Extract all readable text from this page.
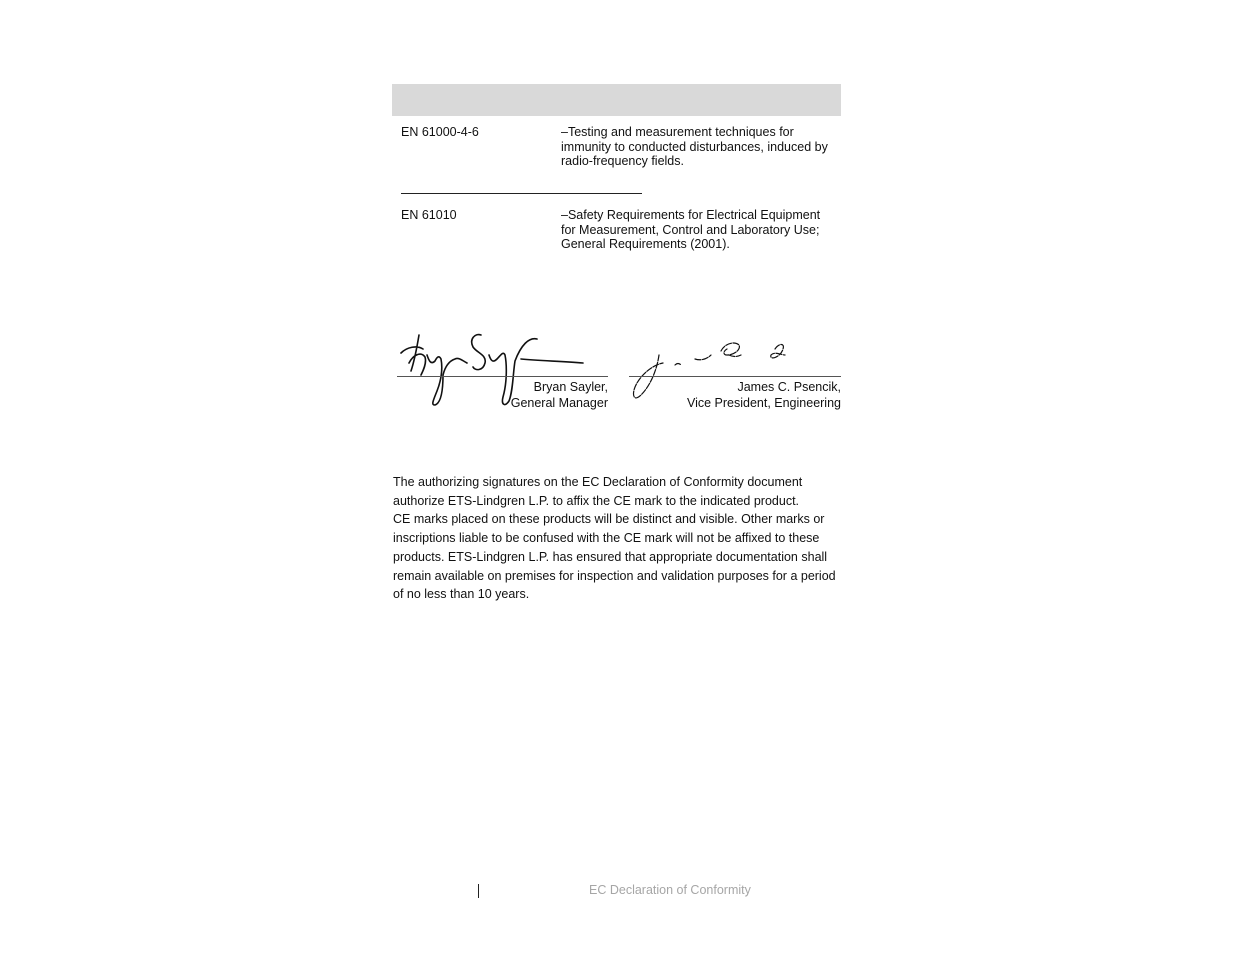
EN 61000-4-6	–Testing and measurement techniques for immunity to conducted disturbances, induced by radio-frequency fields.
EN 61010	–Safety Requirements for Electrical Equipment for Measurement, Control and Laboratory Use; General Requirements (2001).
Bryan Sayler,
General Manager
James C. Psencik,
Vice President, Engineering

The authorizing signatures on the EC Declaration of Conformity document authorize ETS-Lindgren L.P. to affix the CE mark to the indicated product.

CE marks placed on these products will be distinct and visible. Other marks or inscriptions liable to be confused with the CE mark will not be affixed to these products. ETS-Lindgren L.P. has ensured that appropriate documentation shall remain available on premises for inspection and validation purposes for a period of no less than 10 years.

EC Declaration of Conformity
